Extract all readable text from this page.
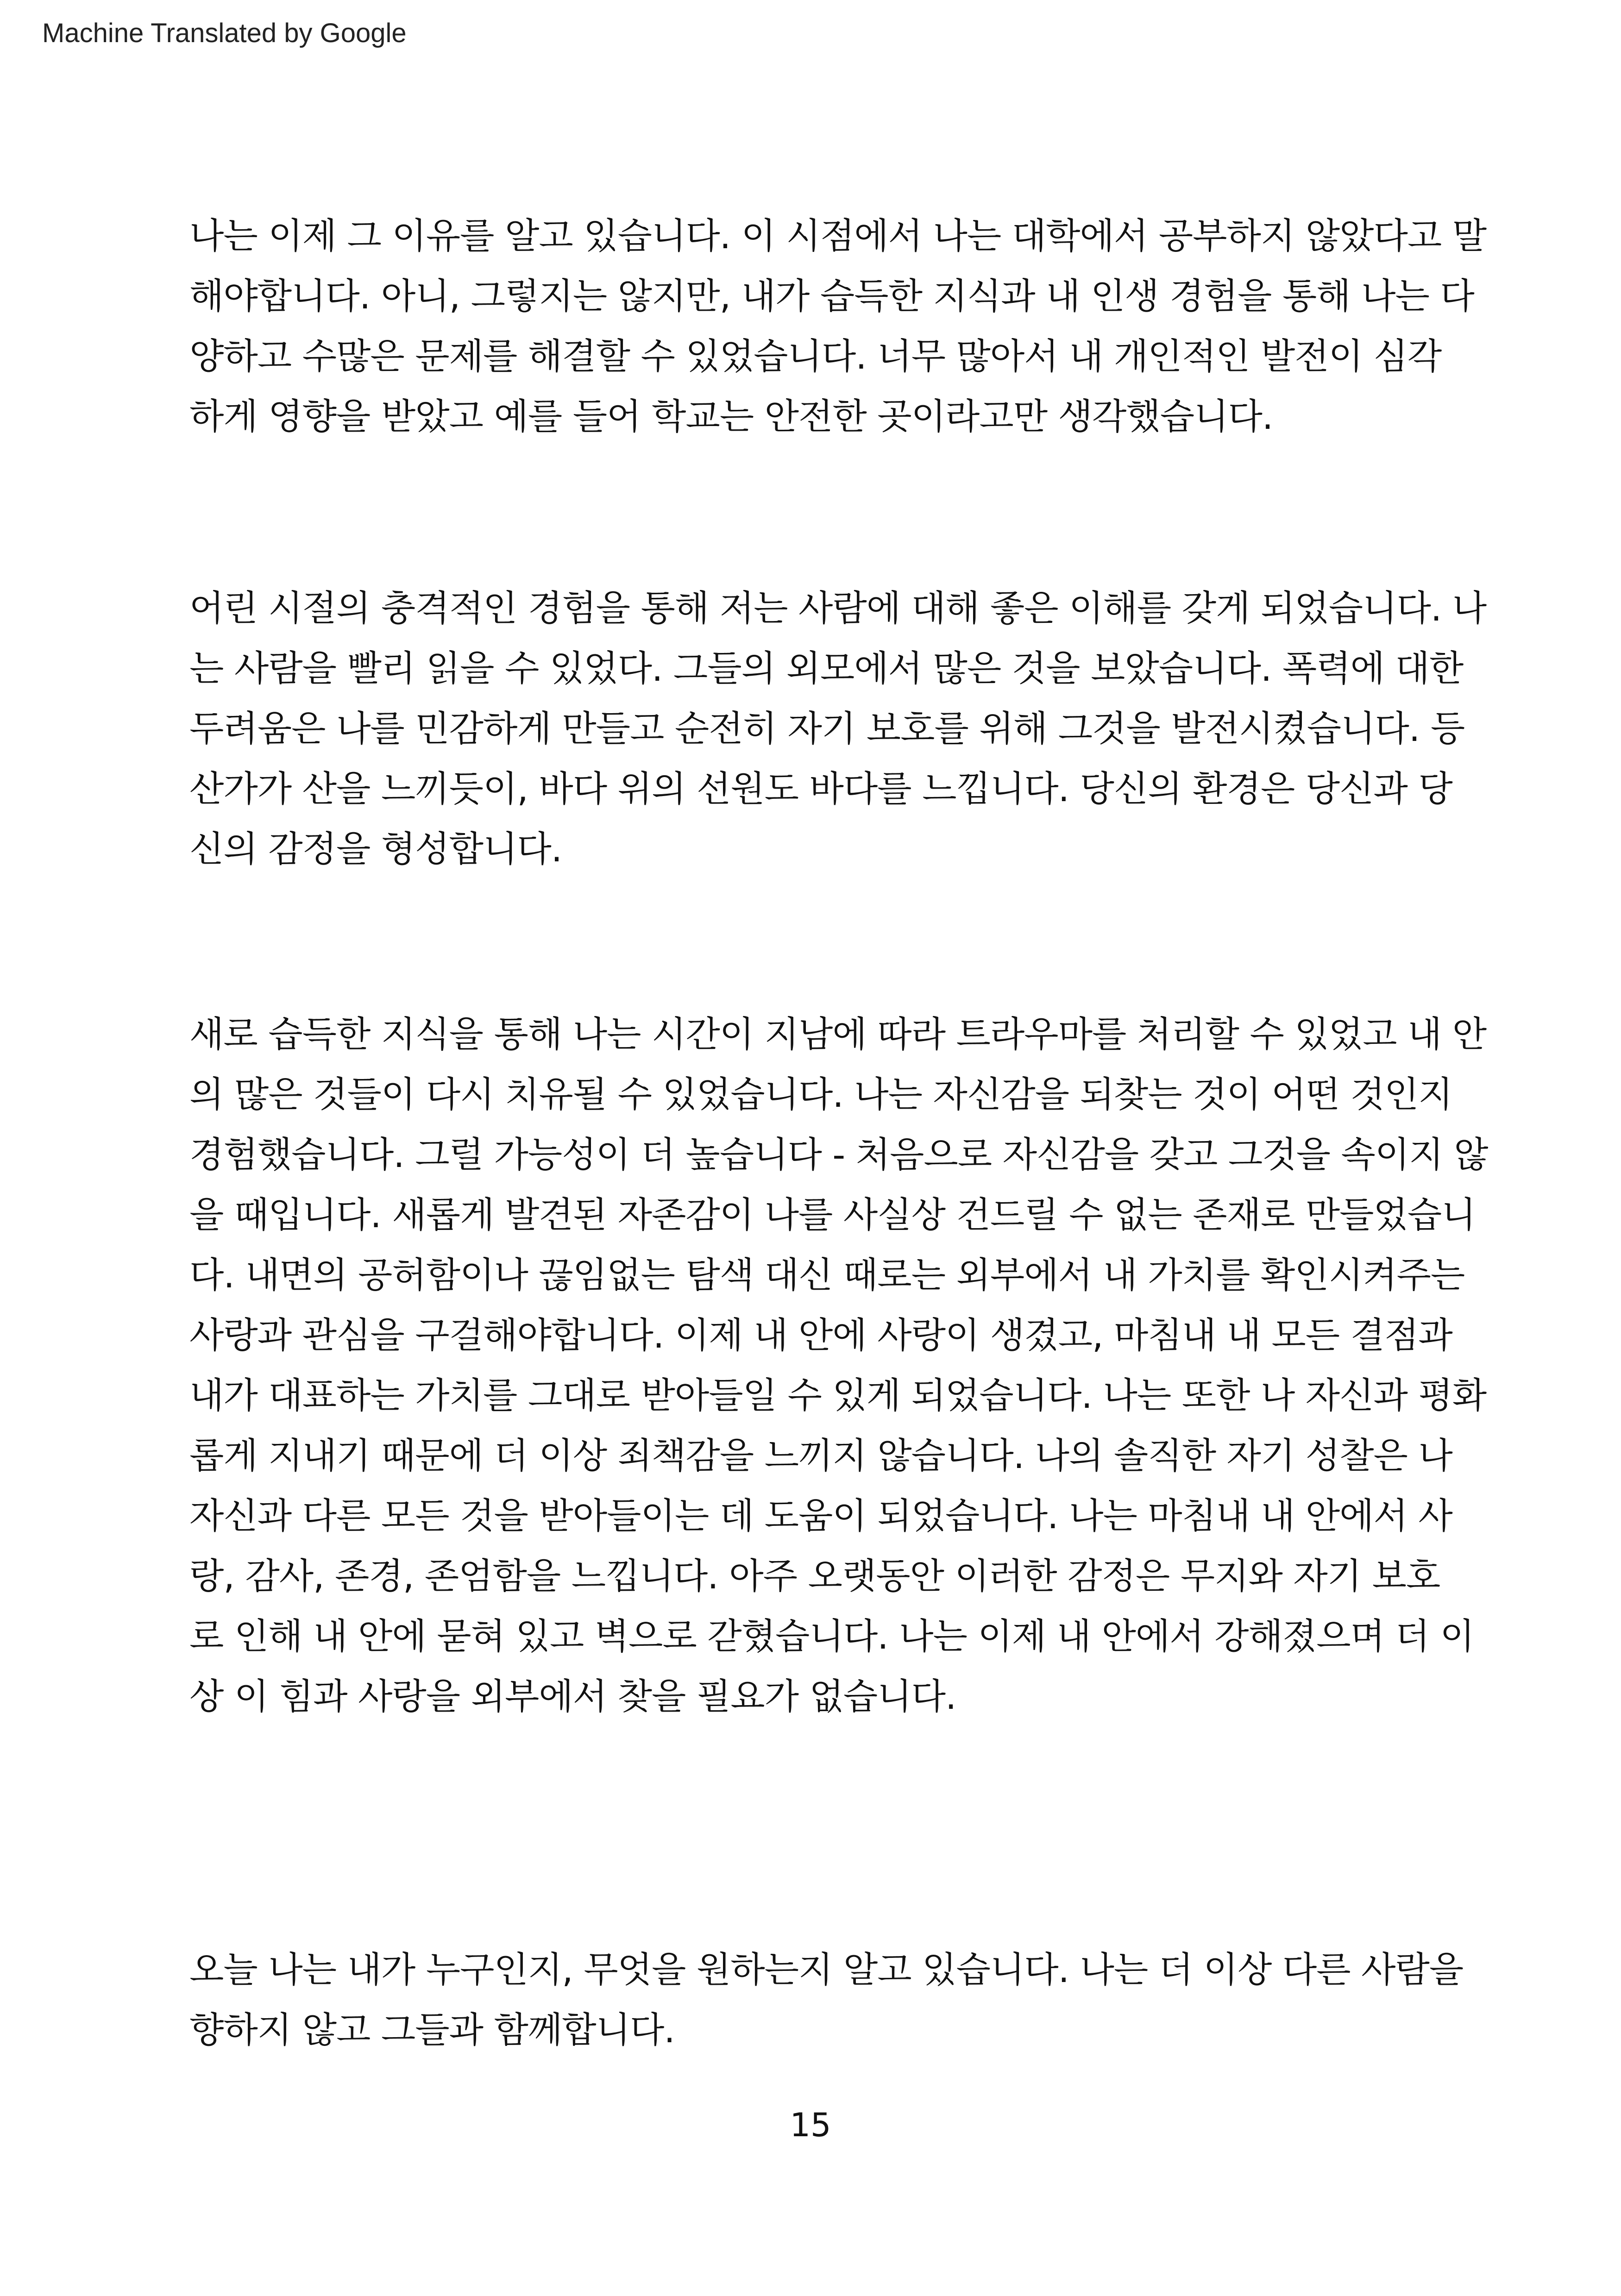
Machine Translated by Google
나는 이제 그 이유를 알고 있습니다. 이 시점에서 나는 대학에서 공부하지 않았다고 말
해야합니다. 아니, 그렇지는 않지만, 내가 습득한 지식과 내 인생 경험을 통해 나는 다
양하고 수많은 문제를 해결할 수 있었습니다. 너무 많아서 내 개인적인 발전이 심각
하게 영향을 받았고 예를 들어 학교는 안전한 곳이라고만 생각했습니다.
어린 시절의 충격적인 경험을 통해 저는 사람에 대해 좋은 이해를 갖게 되었습니다. 나
는 사람을 빨리 읽을 수 있었다. 그들의 외모에서 많은 것을 보았습니다. 폭력에 대한
두려움은 나를 민감하게 만들고 순전히 자기 보호를 위해 그것을 발전시켰습니다. 등
산가가 산을 느끼듯이, 바다 위의 선원도 바다를 느낍니다. 당신의 환경은 당신과 당
신의 감정을 형성합니다.
새로 습득한 지식을 통해 나는 시간이 지남에 따라 트라우마를 처리할 수 있었고 내 안
의 많은 것들이 다시 치유될 수 있었습니다. 나는 자신감을 되찾는 것이 어떤 것인지
경험했습니다. 그럴 가능성이 더 높습니다 - 처음으로 자신감을 갖고 그것을 속이지 않
을 때입니다. 새롭게 발견된 자존감이 나를 사실상 건드릴 수 없는 존재로 만들었습니
다. 내면의 공허함이나 끊임없는 탐색 대신 때로는 외부에서 내 가치를 확인시켜주는
사랑과 관심을 구걸해야합니다. 이제 내 안에 사랑이 생겼고, 마침내 내 모든 결점과
내가 대표하는 가치를 그대로 받아들일 수 있게 되었습니다. 나는 또한 나 자신과 평화
롭게 지내기 때문에 더 이상 죄책감을 느끼지 않습니다. 나의 솔직한 자기 성찰은 나
자신과 다른 모든 것을 받아들이는 데 도움이 되었습니다. 나는 마침내 내 안에서 사
랑, 감사, 존경, 존엄함을 느낍니다. 아주 오랫동안 이러한 감정은 무지와 자기 보호
로 인해 내 안에 묻혀 있고 벽으로 갇혔습니다. 나는 이제 내 안에서 강해졌으며 더 이
상 이 힘과 사랑을 외부에서 찾을 필요가 없습니다.
오늘 나는 내가 누구인지, 무엇을 원하는지 알고 있습니다. 나는 더 이상 다른 사람을
향하지 않고 그들과 함께합니다.
15
